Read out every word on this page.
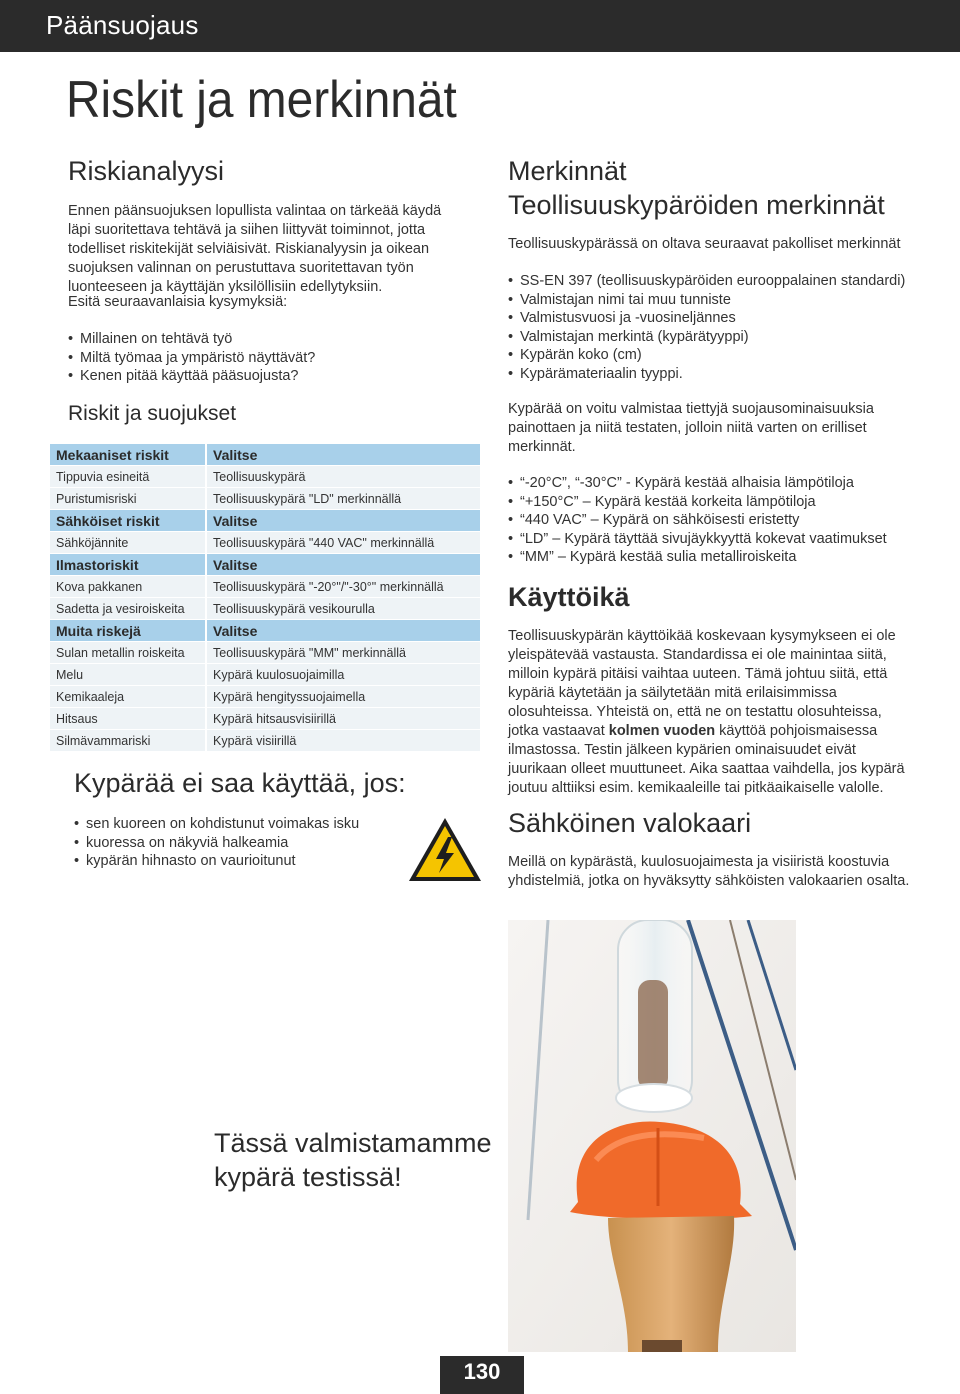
Päänsuojaus
Riskit ja merkinnät
Riskianalyysi
Ennen päänsuojuksen lopullista valintaa on tärkeää käydä läpi suoritettava tehtävä ja siihen liittyvät toiminnot, jotta todelliset riskitekijät selviäisivät. Riskianalyysin ja oikean suojuksen valinnan on perustuttava suoritettavan työn luonteeseen ja käyttäjän yksilöllisiin edellytyksiin.
Esitä seuraavanlaisia kysymyksiä:
• Millainen on tehtävä työ
• Miltä työmaa ja ympäristö näyttävät?
• Kenen pitää käyttää pääsuojusta?
Riskit ja suojukset
Mekaaniset riskit	Valitse
Tippuvia esineitä	Teollisuuskypärä
Puristumisriski	Teollisuuskypärä "LD" merkinnällä
Sähköiset riskit	Valitse
Sähköjännite	Teollisuuskypärä "440 VAC" merkinnällä
Ilmastoriskit	Valitse
Kova pakkanen	Teollisuuskypärä "-20°"/"-30°" merkinnällä
Sadetta ja vesiroiskeita	Teollisuuskypärä vesikourulla
Muita riskejä	Valitse
Sulan metallin roiskeita	Teollisuuskypärä "MM" merkinnällä
Melu	Kypärä kuulosuojaimilla
Kemikaaleja	Kypärä hengityssuojaimella
Hitsaus	Kypärä hitsausvisiirillä
Silmävammariski	Kypärä visiirillä
Kypärää ei saa käyttää, jos:
• sen kuoreen on kohdistunut voimakas isku
• kuoressa on näkyviä halkeamia
• kypärän hihnasto on vaurioitunut
Merkinnät
Teollisuuskypäröiden merkinnät
Teollisuuskypärässä on oltava seuraavat pakolliset merkinnät
• SS-EN 397 (teollisuuskypäröiden eurooppalainen standardi)
• Valmistajan nimi tai muu tunniste
• Valmistusvuosi ja -vuosineljännes
• Valmistajan merkintä (kypärätyyppi)
• Kypärän koko (cm)
• Kypärämateriaalin tyyppi.
Kypärää on voitu valmistaa tiettyjä suojausominaisuuksia painottaen ja niitä testaten, jolloin niitä varten on erilliset merkinnät.
• “-20°C”, “-30°C” - Kypärä kestää alhaisia lämpötiloja
• “+150°C” – Kypärä kestää korkeita lämpötiloja
• “440 VAC” – Kypärä on sähköisesti eristetty
• “LD” – Kypärä täyttää sivujäykkyyttä kokevat vaatimukset
• “MM” – Kypärä kestää sulia metalliroiskeita
Käyttöikä
Teollisuuskypärän käyttöikää koskevaan kysymykseen ei ole yleispätevää vastausta. Standardissa ei ole mainintaa siitä, milloin kypärä pitäisi vaihtaa uuteen. Tämä johtuu siitä, että kypäriä käytetään ja säilytetään mitä erilaisimmissa olosuhteissa. Yhteistä on, että ne on testattu olosuhteissa, jotka vastaavat kolmen vuoden käyttöä pohjoismaisessa ilmastossa. Testin jälkeen kypärien ominaisuudet eivät juurikaan olleet muuttuneet. Aika saattaa vaihdella, jos kypärä joutuu alttiiksi esim. kemikaaleille tai pitkäaikaiselle valolle.
Sähköinen valokaari
Meillä on kypärästä, kuulosuojaimesta ja visiiristä koostuvia yhdistelmiä, jotka on hyväksytty sähköisten valokaarien osalta.
Tässä valmistamamme kypärä testissä!
130
